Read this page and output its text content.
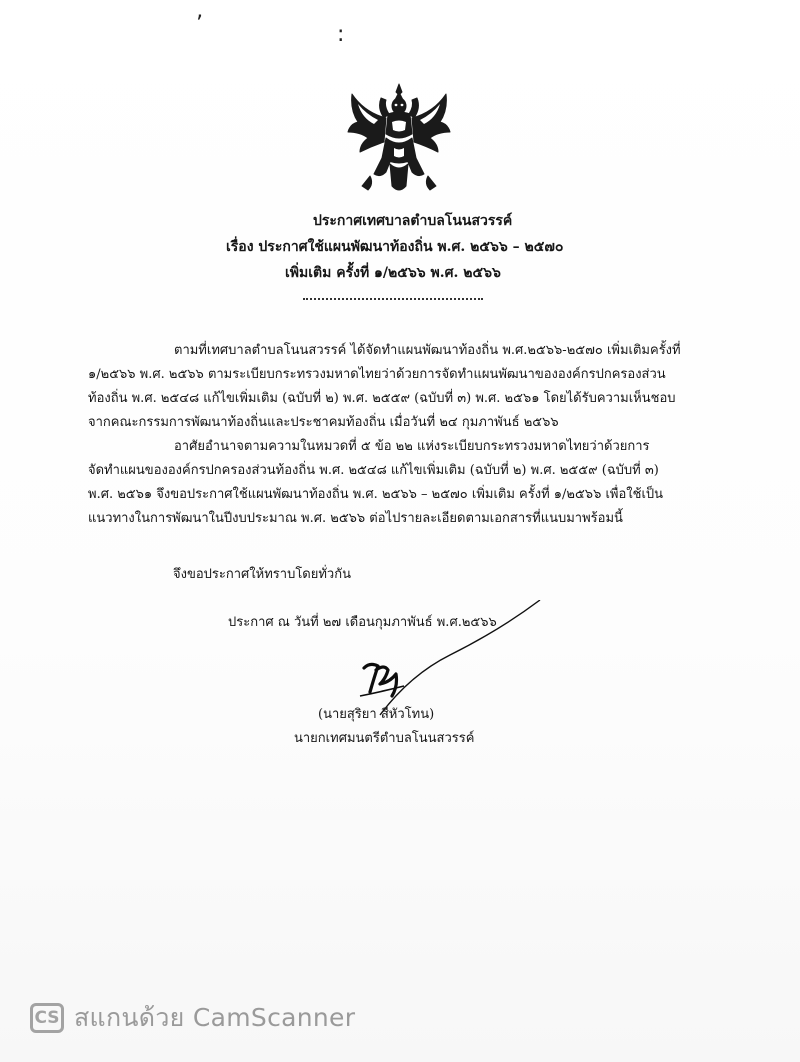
’	:
ประกาศเทศบาลตำบลโนนสวรรค์
เรื่อง ประกาศใช้แผนพัฒนาท้องถิ่น พ.ศ. ๒๕๖๖ – ๒๕๗๐
เพิ่มเติม ครั้งที่ ๑/๒๕๖๖ พ.ศ. ๒๕๖๖
ตามที่เทศบาลตำบลโนนสวรรค์ ได้จัดทำแผนพัฒนาท้องถิ่น พ.ศ.๒๕๖๖-๒๕๗๐ เพิ่มเติมครั้งที่
๑/๒๕๖๖ พ.ศ. ๒๕๖๖ ตามระเบียบกระทรวงมหาดไทยว่าด้วยการจัดทำแผนพัฒนาขององค์กรปกครองส่วน
ท้องถิ่น พ.ศ. ๒๕๔๘ แก้ไขเพิ่มเติม (ฉบับที่ ๒) พ.ศ. ๒๕๕๙ (ฉบับที่ ๓) พ.ศ. ๒๕๖๑ โดยได้รับความเห็นชอบ
จากคณะกรรมการพัฒนาท้องถิ่นและประชาคมท้องถิ่น เมื่อวันที่ ๒๔ กุมภาพันธ์ ๒๕๖๖
อาศัยอำนาจตามความในหมวดที่ ๕ ข้อ ๒๒ แห่งระเบียบกระทรวงมหาดไทยว่าด้วยการ
จัดทำแผนขององค์กรปกครองส่วนท้องถิ่น พ.ศ. ๒๕๔๘ แก้ไขเพิ่มเติม (ฉบับที่ ๒) พ.ศ. ๒๕๕๙ (ฉบับที่ ๓)
พ.ศ. ๒๕๖๑ จึงขอประกาศใช้แผนพัฒนาท้องถิ่น พ.ศ. ๒๕๖๖ – ๒๕๗๐ เพิ่มเติม ครั้งที่ ๑/๒๕๖๖ เพื่อใช้เป็น
แนวทางในการพัฒนาในปีงบประมาณ พ.ศ. ๒๕๖๖ ต่อไปรายละเอียดตามเอกสารที่แนบมาพร้อมนี้
จึงขอประกาศให้ทราบโดยทั่วกัน
ประกาศ ณ วันที่ ๒๗ เดือนกุมภาพันธ์ พ.ศ.๒๕๖๖
(นายสุริยา สีหัวโทน)
นายกเทศมนตรีตำบลโนนสวรรค์
CS สแกนด้วย CamScanner
